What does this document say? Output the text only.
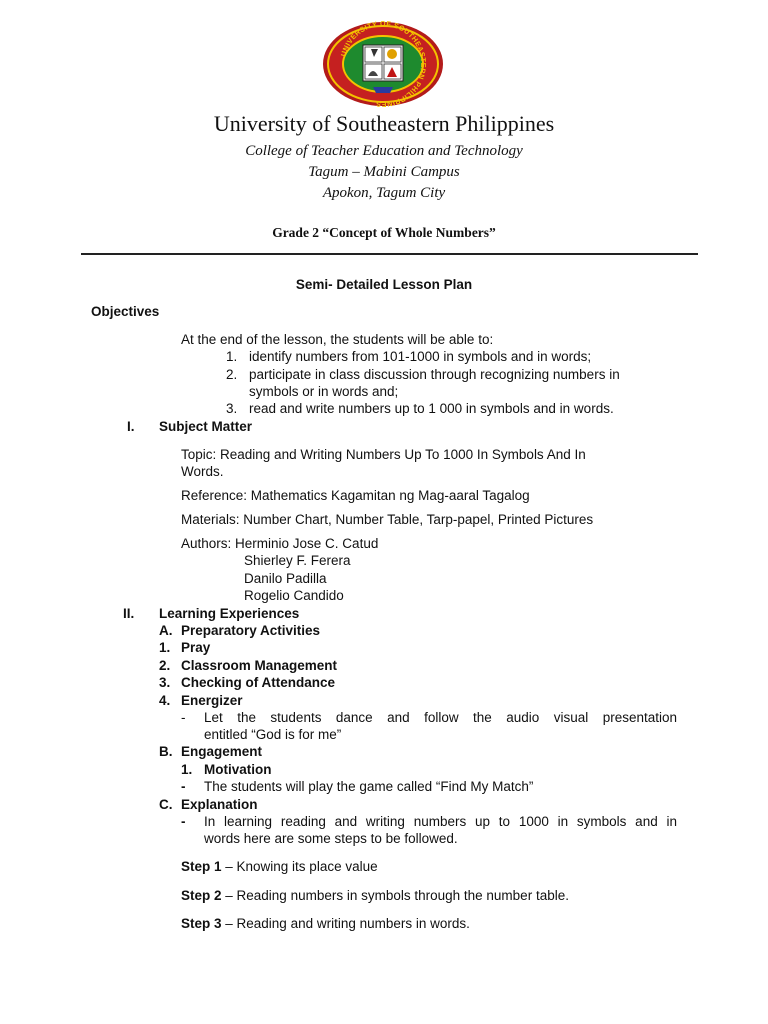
UNIVERSITY OF SOUTHEASTERN PHILIPPINES
University of Southeastern Philippines
College of Teacher Education and Technology
Tagum – Mabini Campus
Apokon, Tagum City
Grade 2 “Concept of Whole Numbers”
Semi- Detailed Lesson Plan
Objectives
At the end of the lesson, the students will be able to:
1. identify numbers from 101-1000 in symbols and in words;
2. participate in class discussion through recognizing numbers in
symbols or in words and;
3. read and write numbers up to 1 000 in symbols and in words.
I. Subject Matter
Topic: Reading and Writing Numbers Up To 1000 In Symbols And In
Words.
Reference: Mathematics Kagamitan ng Mag-aaral Tagalog
Materials: Number Chart, Number Table, Tarp-papel, Printed Pictures
Authors: Herminio Jose C. Catud
Shierley F. Ferera
Danilo Padilla
Rogelio Candido
II. Learning Experiences
A. Preparatory Activities
1. Pray
2. Classroom Management
3. Checking of Attendance
4. Energizer
- Let the students dance and follow the audio visual presentation
entitled “God is for me”
B. Engagement
1. Motivation
- The students will play the game called “Find My Match”
C. Explanation
- In learning reading and writing numbers up to 1000 in symbols and in
words here are some steps to be followed.
Step 1 – Knowing its place value
Step 2 – Reading numbers in symbols through the number table.
Step 3 – Reading and writing numbers in words.
